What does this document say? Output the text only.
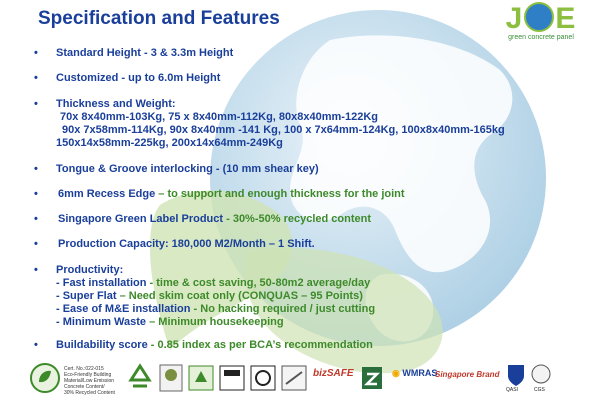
Specification and Features	J E
green concrete panel
• Standard Height - 3 & 3.3m Height
• Customized - up to 6.0m Height
• Thickness and Weight:
70x 8x40mm-103Kg, 75 x 8x40mm-112Kg, 80x8x40mm-122Kg
90x 7x58mm-114Kg, 90x 8x40mm -141 Kg, 100 x 7x64mm-124Kg, 100x8x40mm-165kg
150x14x58mm-225kg, 200x14x64mm-249Kg
• Tongue & Groove interlocking - (10 mm shear key)
• 6mm Recess Edge – to support and enough thickness for the joint
• Singapore Green Label Product - 30%-50% recycled content
• Production Capacity: 180,000 M2/Month – 1 Shift.
• Productivity:
- Fast installation - time & cost saving, 50-80m2 average/day
- Super Flat – Need skim coat only (CONQUAS – 95 Points)
- Ease of M&E installation - No hacking required / just cutting
- Minimum Waste – Minimum housekeeping
• Buildability score - 0.85 index as per BCA’s recommendation
Cert. No.:022-015
Eco-Friendly Building
Material/Low Emission
Concrete Content/
30% Recycled Content
bizSAFE	◉ WMRAS
Singapore Brand
QASI	CGS
